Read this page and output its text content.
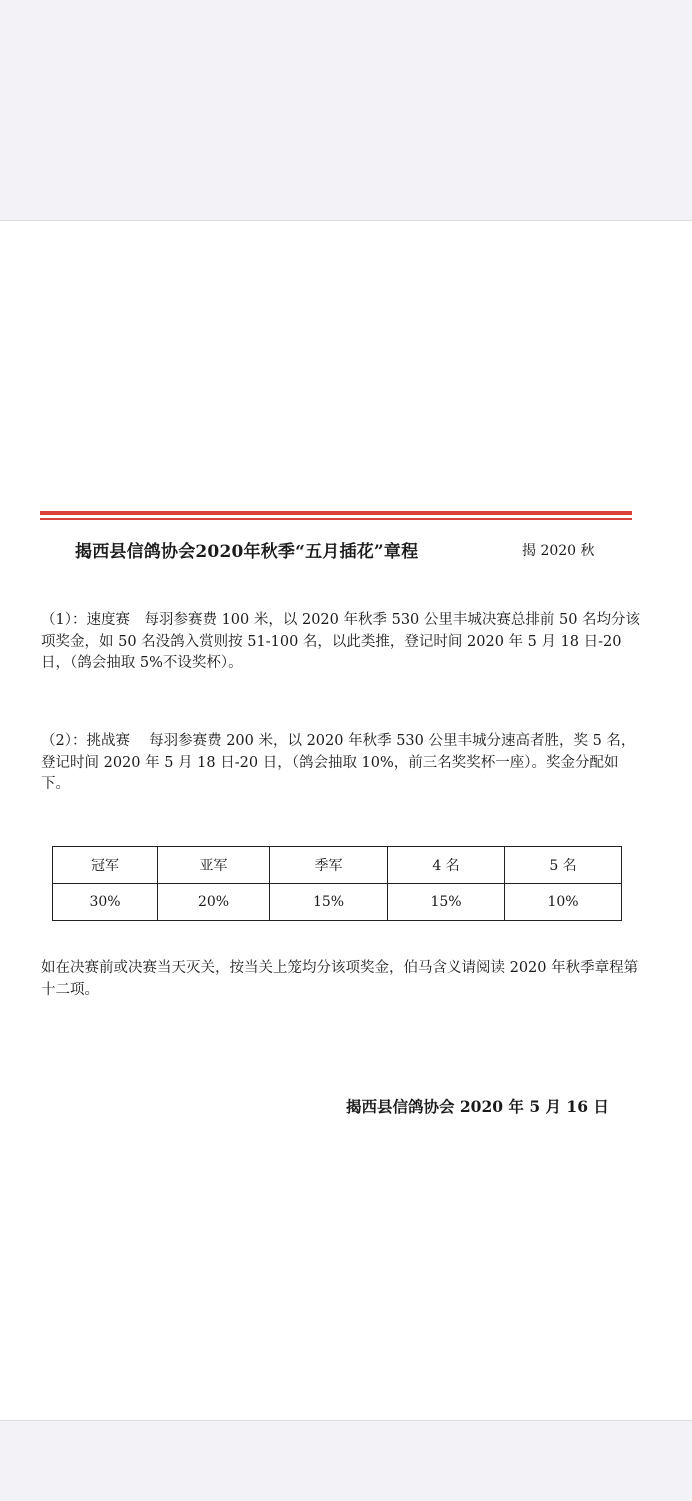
揭西县信鸽协会2020年秋季“五月插花”章程	揭 2020 秋

（1）：速度赛　每羽参赛费 100 米，以 2020 年秋季 530 公里丰城决赛总排前 50 名均分该项奖金，如 50 名没鸽入赏则按 51-100 名，以此类推，登记时间 2020 年 5 月 18 日-20 日，（鸽会抽取 5%不设奖杯）。

（2）：挑战赛　 每羽参赛费 200 米，以 2020 年秋季 530 公里丰城分速高者胜，奖 5 名，登记时间 2020 年 5 月 18 日-20 日，（鸽会抽取 10%，前三名奖奖杯一座）。奖金分配如下。

冠军	亚军	季军	4 名	5 名
30%	20%	15%	15%	10%

如在决赛前或决赛当天灭关，按当关上笼均分该项奖金，伯马含义请阅读 2020 年秋季章程第十二项。

揭西县信鸽协会 2020 年 5 月 16 日
